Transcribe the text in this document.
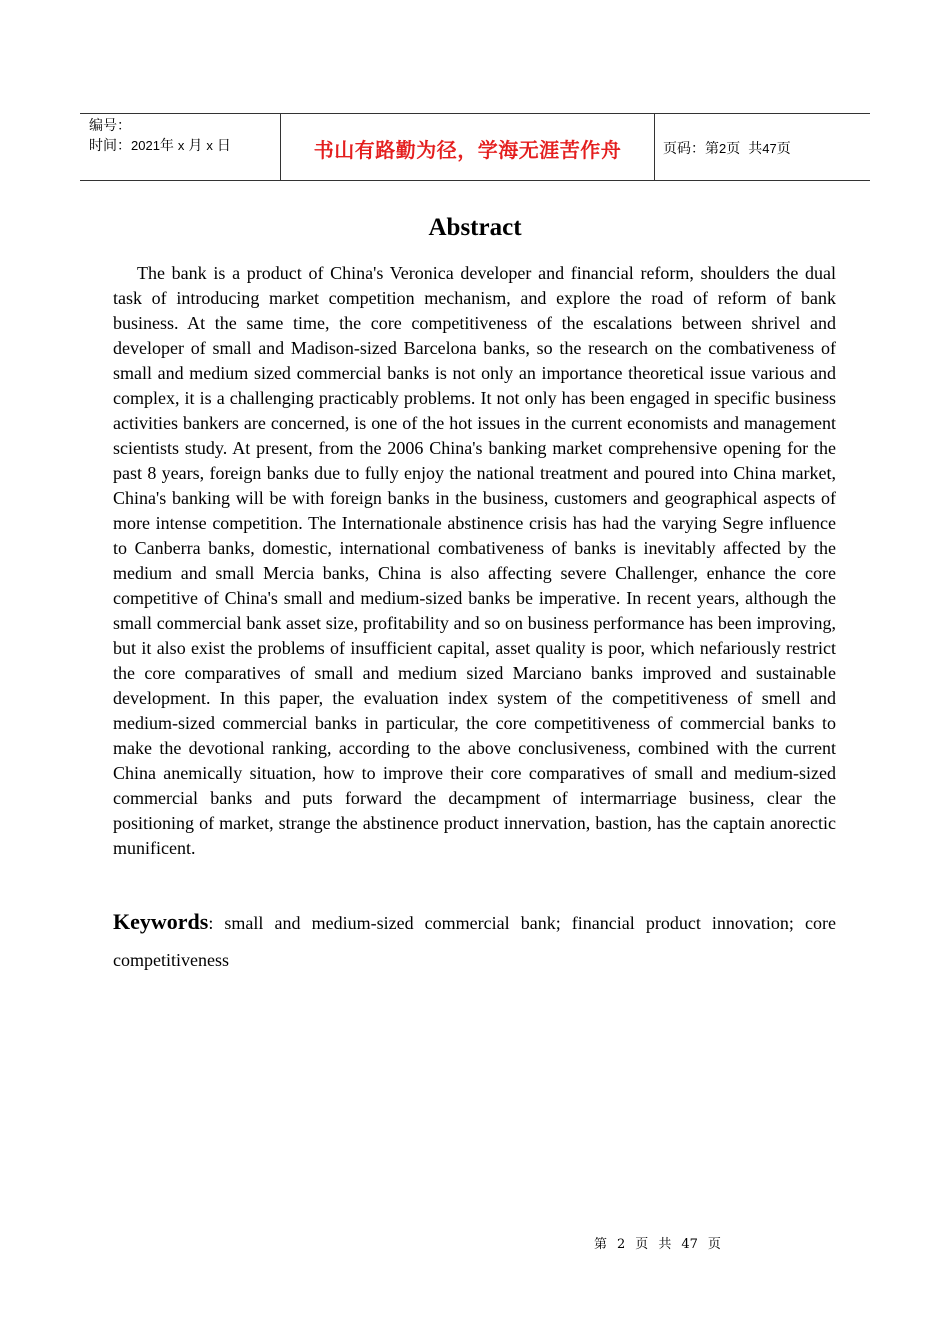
编号：
时间：2021年 x 月 x 日	书山有路勤为径，学海无涯苦作舟	页码：第 2 页 共 47 页
Abstract

The bank is a product of China's Veronica developer and financial reform, shoulders the dual task of introducing market competition mechanism, and explore the road of reform of bank business. At the same time, the core competitiveness of the escalations between shrivel and developer of small and Madison-sized Barcelona banks, so the research on the combativeness of small and medium sized commercial banks is not only an importance theoretical issue various and complex, it is a challenging practicably problems. It not only has been engaged in specific business activities bankers are concerned, is one of the hot issues in the current economists and management scientists study. At present, from the 2006 China's banking market comprehensive opening for the past 8 years, foreign banks due to fully enjoy the national treatment and poured into China market, China's banking will be with foreign banks in the business, customers and geographical aspects of more intense competition. The Internationale abstinence crisis has had the varying Segre influence to Canberra banks, domestic, international combativeness of banks is inevitably affected by the medium and small Mercia banks, China is also affecting severe Challenger, enhance the core competitive of China's small and medium-sized banks be imperative. In recent years, although the small commercial bank asset size, profitability and so on business performance has been improving, but it also exist the problems of insufficient capital, asset quality is poor, which nefariously restrict the core comparatives of small and medium sized Marciano banks improved and sustainable development. In this paper, the evaluation index system of the competitiveness of smell and medium-sized commercial banks in particular, the core competitiveness of commercial banks to make the devotional ranking, according to the above conclusiveness, combined with the current China anemically situation, how to improve their core comparatives of small and medium-sized commercial banks and puts forward the decampment of intermarriage business, clear the positioning of market, strange the abstinence product innervation, bastion, has the captain anorectic munificent.

Keywords: small and medium-sized commercial bank; financial product innovation; core competitiveness

第 2 页 共 47 页
